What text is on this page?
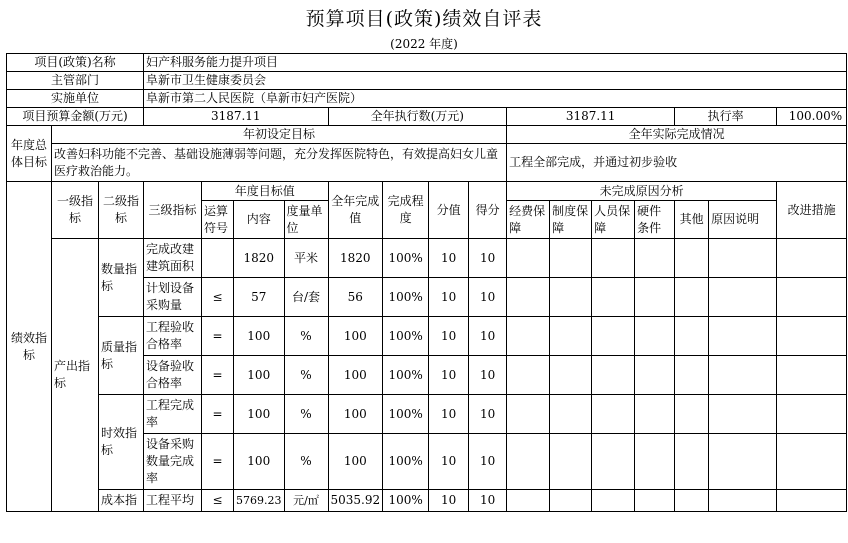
预算项目(政策)绩效自评表
(2022 年度)
项目(政策)名称			妇产科服务能力提升项目														
主管部门			阜新市卫生健康委员会														
实施单位			阜新市第二人民医院（阜新市妇产医院）														
项目预算金额(万元)			3187.11				全年执行数(万元)				3187.11				执行率		100.00%
年度总体目标	年初设定目标										全年实际完成情况						
	改善妇科功能不完善、基础设施薄弱等问题，充分发挥医院特色，有效提高妇女儿童医疗救治能力。										工程全部完成，并通过初步验收						
绩效指标	一级指标	二级指标	三级指标	年度目标值			全年完成值	完成程度	分值	得分	未完成原因分析						改进措施
				运算符号	内容	度量单位					经费保障	制度保障	人员保障	硬件条件	其他	原因说明	
	产出指标	数量指标	完成改建建筑面积		1820	平米	1820	100%	10	10							
			计划设备采购量	≤	57	台/套	56	100%	10	10							
		质量指标	工程验收合格率	=	100	%	100	100%	10	10							
			设备验收合格率	=	100	%	100	100%	10	10							
		时效指标	工程完成率	=	100	%	100	100%	10	10							
			设备采购数量完成率	=	100	%	100	100%	10	10							
		成本指	工程平均	≤	5769.23	元/㎡	5035.92	100%	10	10							
